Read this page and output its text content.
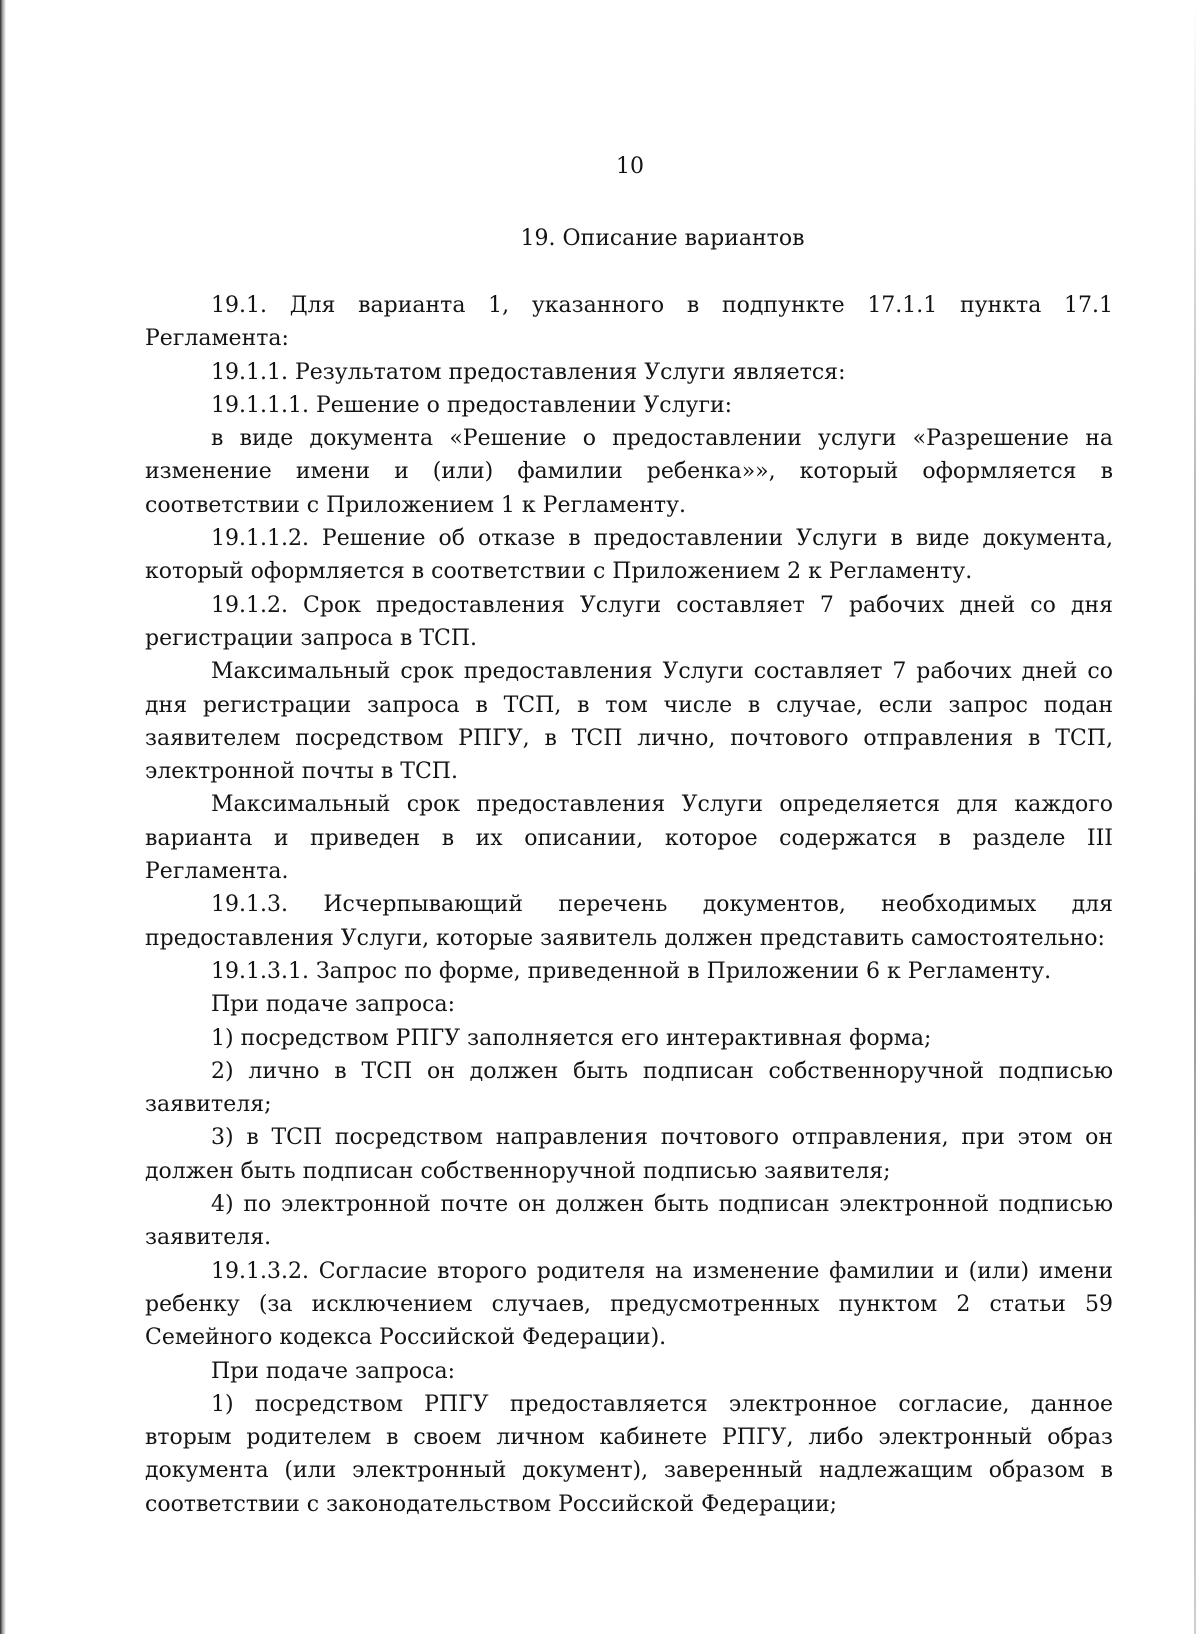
10
19. Описание вариантов

19.1. Для варианта 1, указанного в подпункте 17.1.1 пункта 17.1 Регламента:

19.1.1. Результатом предоставления Услуги является:

19.1.1.1. Решение о предоставлении Услуги:

в виде документа «Решение о предоставлении услуги «Разрешение на изменение имени и (или) фамилии ребенка»», который оформляется в соответствии с Приложением 1 к Регламенту.

19.1.1.2. Решение об отказе в предоставлении Услуги в виде документа, который оформляется в соответствии с Приложением 2 к Регламенту.

19.1.2. Срок предоставления Услуги составляет 7 рабочих дней со дня регистрации запроса в ТСП.

Максимальный срок предоставления Услуги составляет 7 рабочих дней со дня регистрации запроса в ТСП, в том числе в случае, если запрос подан заявителем посредством РПГУ, в ТСП лично, почтового отправления в ТСП, электронной почты в ТСП.

Максимальный срок предоставления Услуги определяется для каждого варианта и приведен в их описании, которое содержатся в разделе III Регламента.

19.1.3. Исчерпывающий перечень документов, необходимых для предоставления Услуги, которые заявитель должен представить самостоятельно:

19.1.3.1. Запрос по форме, приведенной в Приложении 6 к Регламенту.

При подаче запроса:

1) посредством РПГУ заполняется его интерактивная форма;

2) лично в ТСП он должен быть подписан собственноручной подписью заявителя;

3) в ТСП посредством направления почтового отправления, при этом он должен быть подписан собственноручной подписью заявителя;

4) по электронной почте он должен быть подписан электронной подписью заявителя.

19.1.3.2. Согласие второго родителя на изменение фамилии и (или) имени ребенку (за исключением случаев, предусмотренных пунктом 2 статьи 59 Семейного кодекса Российской Федерации).

При подаче запроса:

1) посредством РПГУ предоставляется электронное согласие, данное вторым родителем в своем личном кабинете РПГУ, либо электронный образ документа (или электронный документ), заверенный надлежащим образом в соответствии с законодательством Российской Федерации;
